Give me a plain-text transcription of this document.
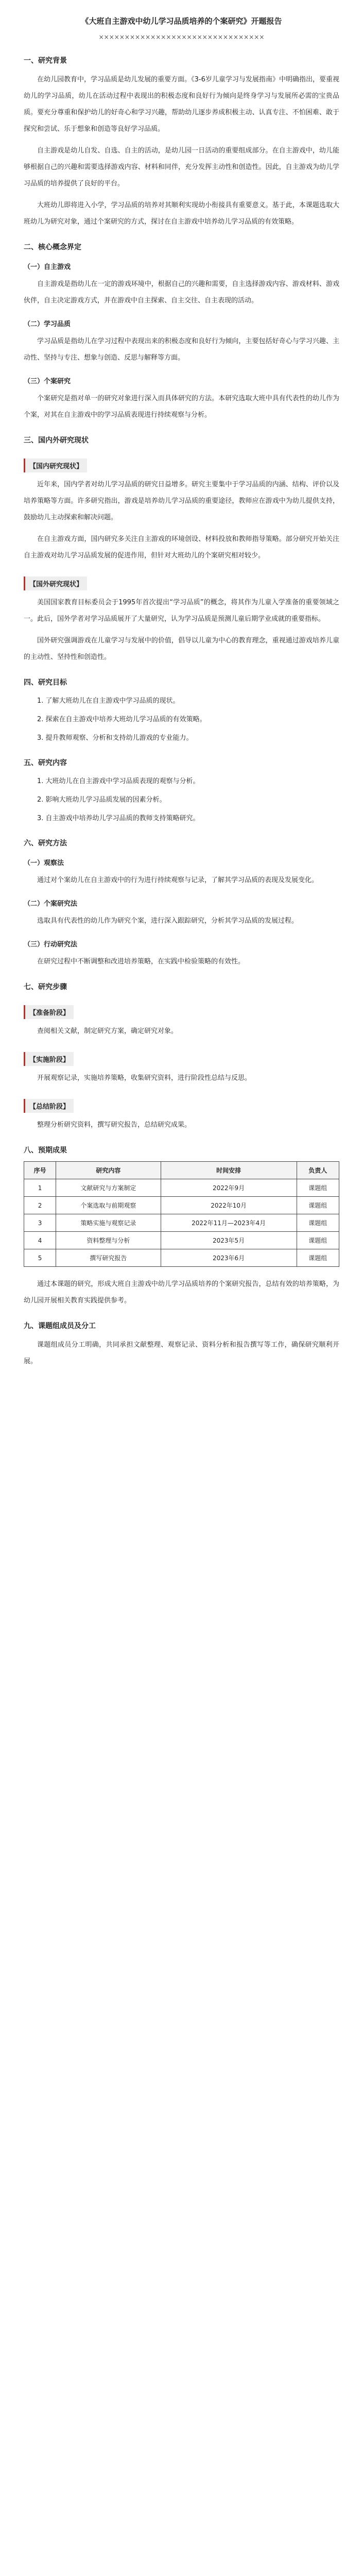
《大班自主游戏中幼儿学习品质培养的个案研究》开题报告
××××××××××××××××××××××××××××××××
一、研究背景
在幼儿园教育中，学习品质是幼儿发展的重要方面。《3-6岁儿童学习与发展指南》中明确指出，要重视幼儿的学习品质，幼儿在活动过程中表现出的积极态度和良好行为倾向是终身学习与发展所必需的宝贵品质。要充分尊重和保护幼儿的好奇心和学习兴趣，帮助幼儿逐步养成积极主动、认真专注、不怕困难、敢于探究和尝试、乐于想象和创造等良好学习品质。
自主游戏是幼儿自发、自选、自主的活动，是幼儿园一日活动的重要组成部分。在自主游戏中，幼儿能够根据自己的兴趣和需要选择游戏内容、材料和同伴，充分发挥主动性和创造性。因此，自主游戏为幼儿学习品质的培养提供了良好的平台。
大班幼儿即将进入小学，学习品质的培养对其顺利实现幼小衔接具有重要意义。基于此，本课题选取大班幼儿为研究对象，通过个案研究的方式，探讨在自主游戏中培养幼儿学习品质的有效策略。
二、核心概念界定
（一）自主游戏
自主游戏是指幼儿在一定的游戏环境中，根据自己的兴趣和需要，自主选择游戏内容、游戏材料、游戏伙伴，自主决定游戏方式，并在游戏中自主探索、自主交往、自主表现的活动。
（二）学习品质
学习品质是指幼儿在学习过程中表现出来的积极态度和良好行为倾向，主要包括好奇心与学习兴趣、主动性、坚持与专注、想象与创造、反思与解释等方面。
（三）个案研究
个案研究是指对单一的研究对象进行深入而具体研究的方法。本研究选取大班中具有代表性的幼儿作为个案，对其在自主游戏中的学习品质表现进行持续观察与分析。
三、国内外研究现状
【国内研究现状】
近年来，国内学者对幼儿学习品质的研究日益增多。研究主要集中于学习品质的内涵、结构、评价以及培养策略等方面。许多研究指出，游戏是培养幼儿学习品质的重要途径，教师应在游戏中为幼儿提供支持，鼓励幼儿主动探索和解决问题。
在自主游戏方面，国内研究多关注自主游戏的环境创设、材料投放和教师指导策略。部分研究开始关注自主游戏对幼儿学习品质发展的促进作用，但针对大班幼儿的个案研究相对较少。
【国外研究现状】
美国国家教育目标委员会于1995年首次提出“学习品质”的概念，将其作为儿童入学准备的重要领域之一。此后，国外学者对学习品质展开了大量研究，认为学习品质是预测儿童后期学业成就的重要指标。
国外研究强调游戏在儿童学习与发展中的价值，倡导以儿童为中心的教育理念，重视通过游戏培养儿童的主动性、坚持性和创造性。
四、研究目标
1. 了解大班幼儿在自主游戏中学习品质的现状。
2. 探索在自主游戏中培养大班幼儿学习品质的有效策略。
3. 提升教师观察、分析和支持幼儿游戏的专业能力。
五、研究内容
1. 大班幼儿在自主游戏中学习品质表现的观察与分析。
2. 影响大班幼儿学习品质发展的因素分析。
3. 自主游戏中培养幼儿学习品质的教师支持策略研究。
六、研究方法
（一）观察法
通过对个案幼儿在自主游戏中的行为进行持续观察与记录，了解其学习品质的表现及发展变化。
（二）个案研究法
选取具有代表性的幼儿作为研究个案，进行深入跟踪研究，分析其学习品质的发展过程。
（三）行动研究法
在研究过程中不断调整和改进培养策略，在实践中检验策略的有效性。
七、研究步骤
【准备阶段】
查阅相关文献，制定研究方案，确定研究对象。
【实施阶段】
开展观察记录，实施培养策略，收集研究资料，进行阶段性总结与反思。
【总结阶段】
整理分析研究资料，撰写研究报告，总结研究成果。
八、预期成果
序号	研究内容	时间安排	负责人
1	文献研究与方案制定	2022年9月	课题组
2	个案选取与前期观察	2022年10月	课题组
3	策略实施与观察记录	2022年11月—2023年4月	课题组
4	资料整理与分析	2023年5月	课题组
5	撰写研究报告	2023年6月	课题组
通过本课题的研究，形成大班自主游戏中幼儿学习品质培养的个案研究报告，总结有效的培养策略，为幼儿园开展相关教育实践提供参考。
九、课题组成员及分工
课题组成员分工明确，共同承担文献整理、观察记录、资料分析和报告撰写等工作，确保研究顺利开展。
